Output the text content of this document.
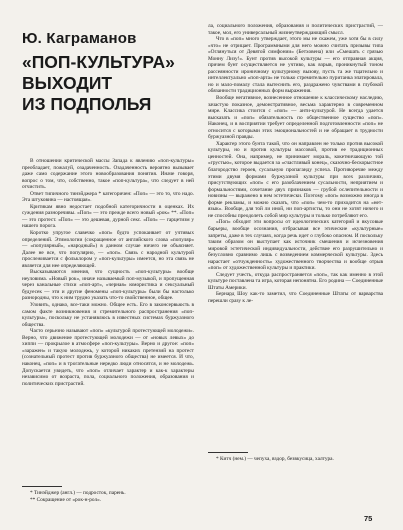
Ю. Каграманов
«ПОП-КУЛЬТУРА»
ВЫХОДИТ
ИЗ ПОДПОЛЬЯ

В отношении критической массы Запада к явлению «поп-культуры» преобладает, пожалуй, озадаченность. Озадаченность вероятно вызывает даже само содержание этого новообразования понятия. Иначе говоря, вопрос о том, что, собственно, такое «поп-культура», что следует в ней отчистить.

Ответ типичного тинэйджера * категоричен: «Поп» — это то, что надо. Эта штуковина — настоящая».

Критикам явно недостает подобной категоричности в оценках. Их суждения разноречивы. «Поп» — это прежде всего новый «рок» **. «Поп» — это протест. «Поп» — это дешевая, дурной секс. «Поп» — гарцетизм у нашего порога.

Коротко упругое славечко «поп» будто успокаивает от учтивых определений. Этимологии (сокращенное от английского слова «популяр» — «популярный», «народный») в данном случае ничего не объясняет. Далее не все, что популярно, — «поп». Связь с народной культурой прослеживается с фольклором у «поп-культуры» имеется, но эта связь не является для нее определяющей.

Высказываются мнения, что сущность «поп-культуры» вообще неуловима. «Новый рок», иначе называемый поп-музыкой, и пропущенная через канальные стихи «поп-арт», «черная» юмористика и сексуальный будуесек — эти и другие феномены «поп-культуры» были бы настолько разнородны, что к ним трудно указать что-то свойственное, общее.

Уловить, однако, все-таки можно. Общее есть. Его в законсервьюсть в самом факте возникновения и стремительного распространения «поп-культуры», поскольку не устанявлюсь в известных системах буржуазного общества.

Часто серьезно называют «поп» «культурой протестующей молодежи». Верно, что движение протестующей молодежи — от «новых левых» до хиппи — прокрылое в атмосфере «поп-культуры». Верно и другое: «поп» «заражен» и такую молодежь, у которой никаких претензий на протест (сознательный протест против буржуазного общества) не имеется. И что, наконец, «поп» и в трогательные нередко люди относятся, и не молодежь. Допускается увидеть, что «поп» отличает характер и как-к характеры независимо от возраста, пола, социального положения, образования и политических пристрастий.

ла, социального положения, образования и политических пристрастий, — такое, мол, его универсальный жизнеутверждающий смысл.

Что в «поп» много утверждает, этого мы не скажем, уже хотя бы в силу «что» не отрицает. Программными для него можно считать призывы типа «Оглянуться от Девятой симфонии» (Бетховена) или «Смешать с грязью Монну Лизу!». Бунт против высокой культуры — его отправная акция, причем бунт осуществляется не учтиво, как взрыв, проникнутый тоном рассеянности ироничному культурному вызову, пусть та же тщательно и интеллектуально «поп-арта» не только стремительно пуританка эпатировала, но и мало-помалу стала вытеснить его, раздражено чувствами в глубокой обязанности традиционных форм выражения.

Вообще негативное, вознесенное отношение к классическому наследию, зачастую показное, демонстративное, весьма характерно в современном мире. Классика стоится с «поп» — анти-культурой. Не всегда удается высказать и «поп» обязательность по общественное существо «поп». Наконец, и в восприятии требует определенной подготовленности «поп» не относится с которыми этих эмоциональностей и не обращает в трудности буржуазной правды.

Характер этого бунта такой, что он направлен не только против высокой культуры, но и против культуры массовой, против ее традиционных ценностей. Она, например, не принимает мораль, кокетничающую той «грустью», которое выдается за «счастливый конец», сказочно-бескорыстное благородство героев, сусальную пропаганду успеха. Противоречие между этими двумя формами буржуазной культуры при всех различиях, присутствующих «поп» с его разоблачением сусальности, неприятием и формальностями, сочетание двух признаков — грубой ослепительности и новизны — выражено в нем эстетически. Поэтому «поп» возможно иногда в форме рекламы, и можно сказать, что «поп» чем-то приходится на «нет-язык». Вообще, для той ли иной, ни поп-артисты, то они не хотят ничего и не способны преодолеть собой мир культуры и только потребляют его.

«Поп» обходит эти вопросы от идеологических категорий и вкусовые барьеры, вообще осознания, отбрасывая все этические «культурные» запреты, даже в тех случаях, когда речь идет о глубоко опасном. И поскольку таким образом он выступает как источник смешения и исчезновения мировой эстетической индивидуальности, действие его разрушительно и безусловно сравнимо лишь с возведением коммерческой культуры. Здесь нарастает «отчужденность» художественного творчества и вообще отрыв «поп» от художественной культуры и практики.

Следует учесть, откуда распространяется «поп», так как именно в этой культуре поставлена та игра, которая непонятна. Его родина — Соединенные Штаты Америки.

Бернард Шоу как-то заметил, что Соединенные Штаты от варварства перешли сразу к ле-

* Тинэйджер (англ.) — подросток, парень.

** Сокращение от «рок-н-рол».

* Китч (нем.) — чепуха, вздор, безвкусица, халтура.

75
